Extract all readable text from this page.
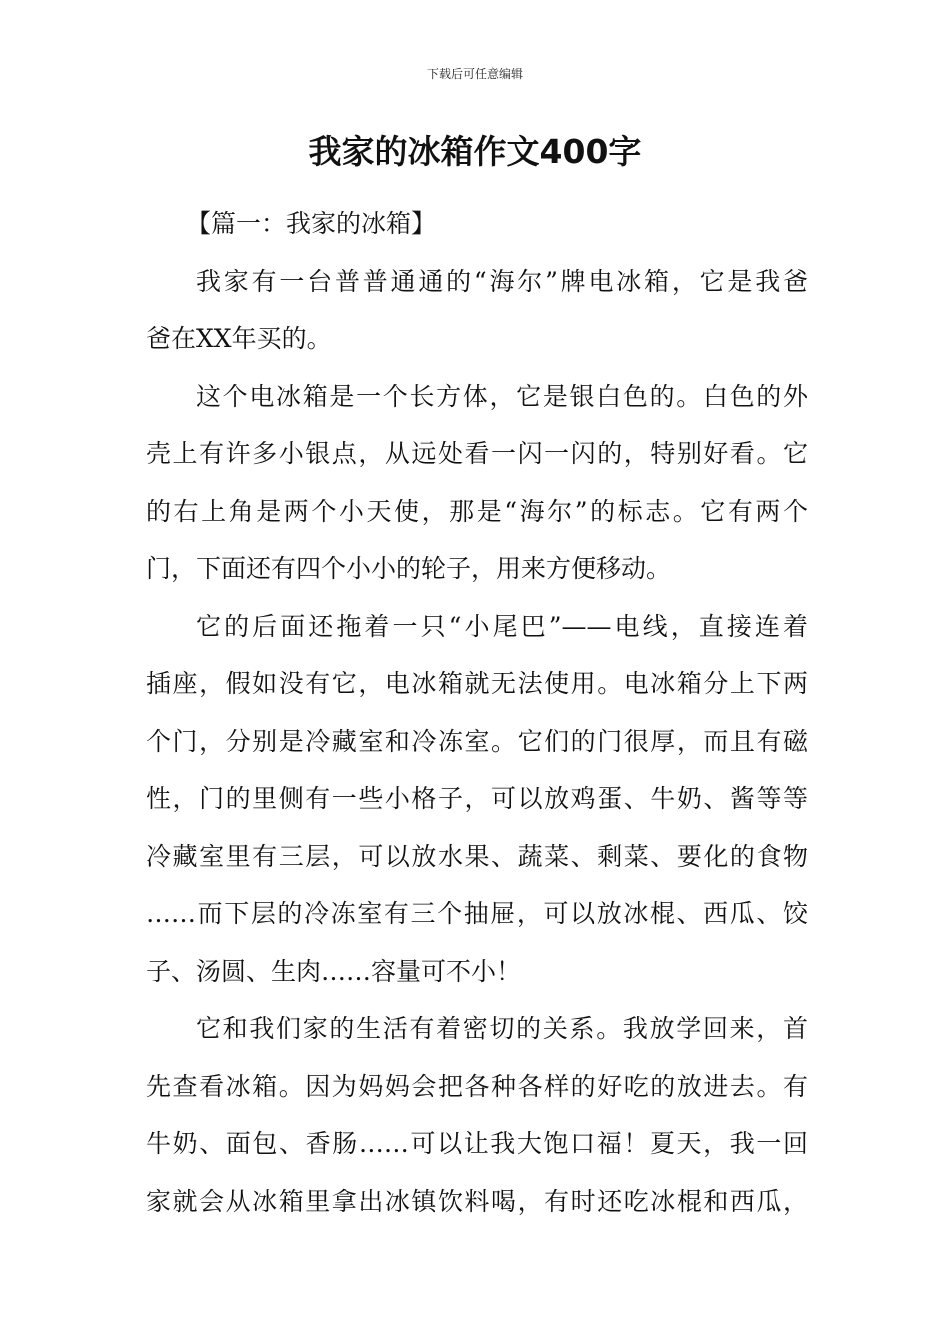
下载后可任意编辑
我家的冰箱作文400字
【篇一：我家的冰箱】
我家有一台普普通通的“海尔”牌电冰箱，它是我爸
爸在XX年买的。
这个电冰箱是一个长方体，它是银白色的。白色的外
壳上有许多小银点，从远处看一闪一闪的，特别好看。它
的右上角是两个小天使，那是“海尔”的标志。它有两个
门，下面还有四个小小的轮子，用来方便移动。
它的后面还拖着一只“小尾巴”——电线，直接连着
插座，假如没有它，电冰箱就无法使用。电冰箱分上下两
个门，分别是冷藏室和冷冻室。它们的门很厚，而且有磁
性，门的里侧有一些小格子，可以放鸡蛋、牛奶、酱等等
冷藏室里有三层，可以放水果、蔬菜、剩菜、要化的食物
……而下层的冷冻室有三个抽屉，可以放冰棍、西瓜、饺
子、汤圆、生肉……容量可不小！
它和我们家的生活有着密切的关系。我放学回来，首
先查看冰箱。因为妈妈会把各种各样的好吃的放进去。有
牛奶、面包、香肠……可以让我大饱口福！夏天，我一回
家就会从冰箱里拿出冰镇饮料喝，有时还吃冰棍和西瓜，
